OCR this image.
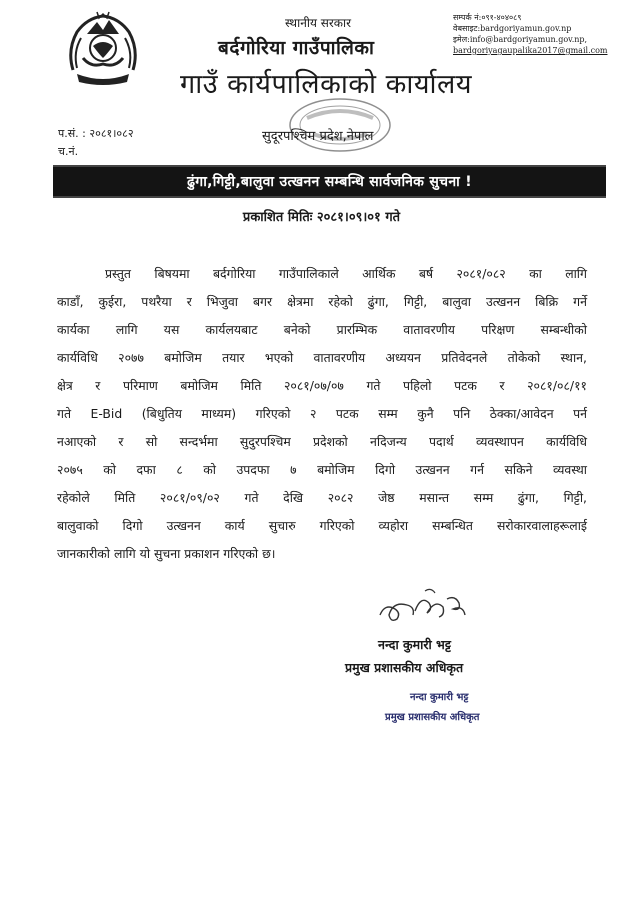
स्थानीय सरकार
बर्दगोरिया गाउँपालिका
गाउँ कार्यपालिकाको कार्यालय
सुदूरपश्चिम प्रदेश,नेपाल
सम्पर्क नं:०९१-४०४०८९
वेबसाइट:bardgoriyamun.gov.np
इमेल:info@bardgoriyamun.gov.np,
bardgoriyagaupalika2017@gmail.com
प.सं. : २०८१।०८२
च.नं.
ढुंगा,गिट्टी,बालुवा उत्खनन सम्बन्धि सार्वजनिक सुचना !
प्रकाशित मितिः २०८१।०९।०१ गते
प्रस्तुत बिषयमा बर्दगोरिया गाउँपालिकाले आर्थिक बर्ष २०८१/०८२ का लागि
काडाँ, कुईरा, पथरैया र भिजुवा बगर क्षेत्रमा रहेको ढुंगा, गिट्टी, बालुवा उत्खनन बिक्रि गर्ने
कार्यका लागि यस कार्यलयबाट बनेको प्रारम्भिक वातावरणीय परिक्षण सम्बन्धीको
कार्यविधि २०७७ बमोजिम तयार भएको वातावरणीय अध्ययन प्रतिवेदनले तोकेको स्थान,
क्षेत्र र परिमाण बमोजिम मिति २०८१/०७/०७ गते पहिलो पटक र २०८१/०८/११
गते E-Bid (बिधुतिय माध्यम) गरिएको २ पटक सम्म कुनै पनि ठेक्का/आवेदन पर्न
नआएको र सो सन्दर्भमा सुदुरपश्चिम प्रदेशको नदिजन्य पदार्थ व्यवस्थापन कार्यविधि
२०७५ को दफा ८ को उपदफा ७ बमोजिम दिगो उत्खनन गर्न सकिने व्यवस्था
रहेकोले मिति २०८१/०९/०२ गते देखि २०८२ जेष्ठ मसान्त सम्म ढुंगा, गिट्टी,
बालुवाको दिगो उत्खनन कार्य सुचारु गरिएको व्यहोरा सम्बन्धित सरोकारवालाहरूलाई
जानकारीको लागि यो सुचना प्रकाशन गरिएको छ।
नन्दा कुमारी भट्ट
प्रमुख प्रशासकीय अधिकृत
नन्दा कुमारी भट्ट
प्रमुख प्रशासकीय अधिकृत
